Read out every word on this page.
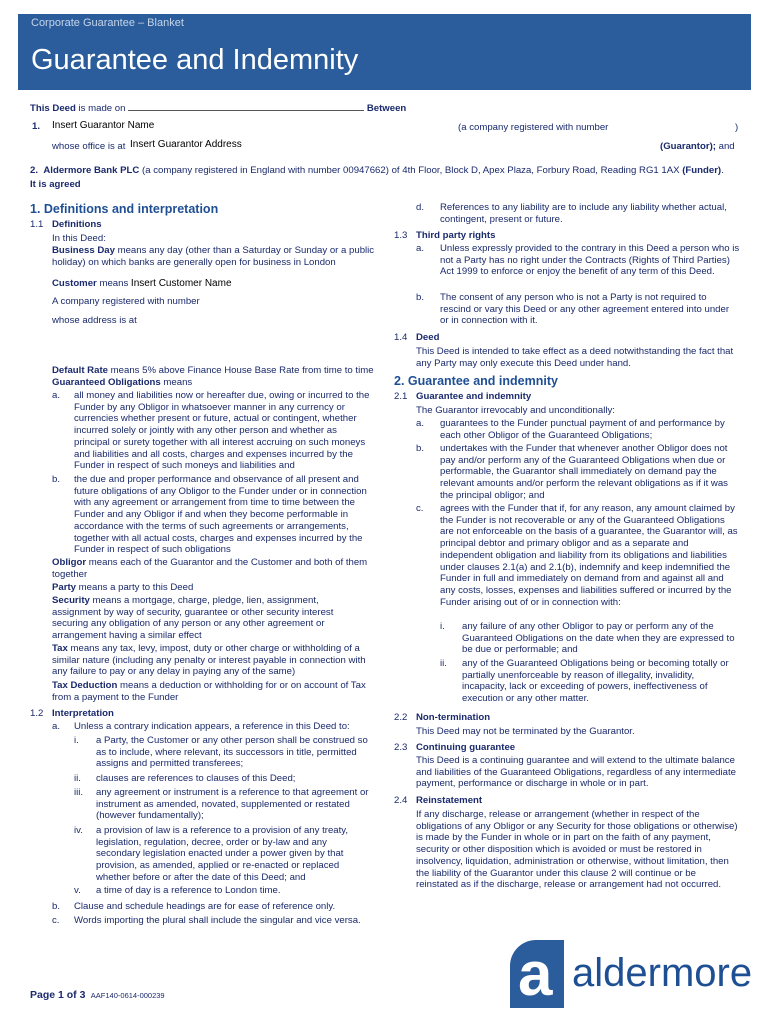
Corporate Guarantee – Blanket
Guarantee and Indemnity
This Deed is made on	Between
1. Insert Guarantor Name	(a company registered with number	)
whose office is at Insert Guarantor Address	(Guarantor); and
2. Aldermore Bank PLC (a company registered in England with number 00947662) of 4th Floor, Block D, Apex Plaza, Forbury Road, Reading RG1 1AX (Funder).
It is agreed
1. Definitions and interpretation
1.1 Definitions
In this Deed:
Business Day means any day (other than a Saturday or Sunday or a public holiday) on which banks are generally open for business in London
Customer means Insert Customer Name
A company registered with number
whose address is at
Default Rate means 5% above Finance House Base Rate from time to time
Guaranteed Obligations means
a. all money and liabilities now or hereafter due, owing or incurred to the Funder by any Obligor in whatsoever manner in any currency or currencies whether present or future, actual or contingent, whether incurred solely or jointly with any other person and whether as principal or surety together with all interest accruing on such moneys and liabilities and all costs, charges and expenses incurred by the Funder in respect of such moneys and liabilities and
b. the due and proper performance and observance of all present and future obligations of any Obligor to the Funder under or in connection with any agreement or arrangement from time to time between the Funder and any Obligor if and when they become performable in accordance with the terms of such agreements or arrangements, together with all actual costs, charges and expenses incurred by the Funder in respect of such obligations
Obligor means each of the Guarantor and the Customer and both of them together
Party means a party to this Deed
Security means a mortgage, charge, pledge, lien, assignment, assignment by way of security, guarantee or other security interest securing any obligation of any person or any other agreement or arrangement having a similar effect
Tax means any tax, levy, impost, duty or other charge or withholding of a similar nature (including any penalty or interest payable in connection with any failure to pay or any delay in paying any of the same)
Tax Deduction means a deduction or withholding for or on account of Tax from a payment to the Funder
1.2 Interpretation
a. Unless a contrary indication appears, a reference in this Deed to:
i. a Party, the Customer or any other person shall be construed so as to include, where relevant, its successors in title, permitted assigns and permitted transferees;
ii. clauses are references to clauses of this Deed;
iii. any agreement or instrument is a reference to that agreement or instrument as amended, novated, supplemented or restated (however fundamentally);
iv. a provision of law is a reference to a provision of any treaty, legislation, regulation, decree, order or by-law and any secondary legislation enacted under a power given by that provision, as amended, applied or re-enacted or replaced whether before or after the date of this Deed; and
v. a time of day is a reference to London time.
b. Clause and schedule headings are for ease of reference only.
c. Words importing the plural shall include the singular and vice versa.
d. References to any liability are to include any liability whether actual, contingent, present or future.
1.3 Third party rights
a. Unless expressly provided to the contrary in this Deed a person who is not a Party has no right under the Contracts (Rights of Third Parties) Act 1999 to enforce or enjoy the benefit of any term of this Deed.
b. The consent of any person who is not a Party is not required to rescind or vary this Deed or any other agreement entered into under or in connection with it.
1.4 Deed
This Deed is intended to take effect as a deed notwithstanding the fact that any Party may only execute this Deed under hand.
2. Guarantee and indemnity
2.1 Guarantee and indemnity
The Guarantor irrevocably and unconditionally:
a. guarantees to the Funder punctual payment of and performance by each other Obligor of the Guaranteed Obligations;
b. undertakes with the Funder that whenever another Obligor does not pay and/or perform any of the Guaranteed Obligations when due or performable, the Guarantor shall immediately on demand pay the relevant amounts and/or perform the relevant obligations as if it was the principal obligor; and
c. agrees with the Funder that if, for any reason, any amount claimed by the Funder is not recoverable or any of the Guaranteed Obligations are not enforceable on the basis of a guarantee, the Guarantor will, as principal debtor and primary obligor and as a separate and independent obligation and liability from its obligations and liabilities under clauses 2.1(a) and 2.1(b), indemnify and keep indemnified the Funder in full and immediately on demand from and against all and any costs, losses, expenses and liabilities suffered or incurred by the Funder arising out of or in connection with:
i. any failure of any other Obligor to pay or perform any of the Guaranteed Obligations on the date when they are expressed to be due or performable; and
ii. any of the Guaranteed Obligations being or becoming totally or partially unenforceable by reason of illegality, invalidity, incapacity, lack or exceeding of powers, ineffectiveness of execution or any other matter.
2.2 Non-termination
This Deed may not be terminated by the Guarantor.
2.3 Continuing guarantee
This Deed is a continuing guarantee and will extend to the ultimate balance and liabilities of the Guaranteed Obligations, regardless of any intermediate payment, performance or discharge in whole or in part.
2.4 Reinstatement
If any discharge, release or arrangement (whether in respect of the obligations of any Obligor or any Security for those obligations or otherwise) is made by the Funder in whole or in part on the faith of any payment, security or other disposition which is avoided or must be restored in insolvency, liquidation, administration or otherwise, without limitation, then the liability of the Guarantor under this clause 2 will continue or be reinstated as if the discharge, release or arrangement had not occurred.
Page 1 of 3 AAF140-0614-000239	a aldermore
